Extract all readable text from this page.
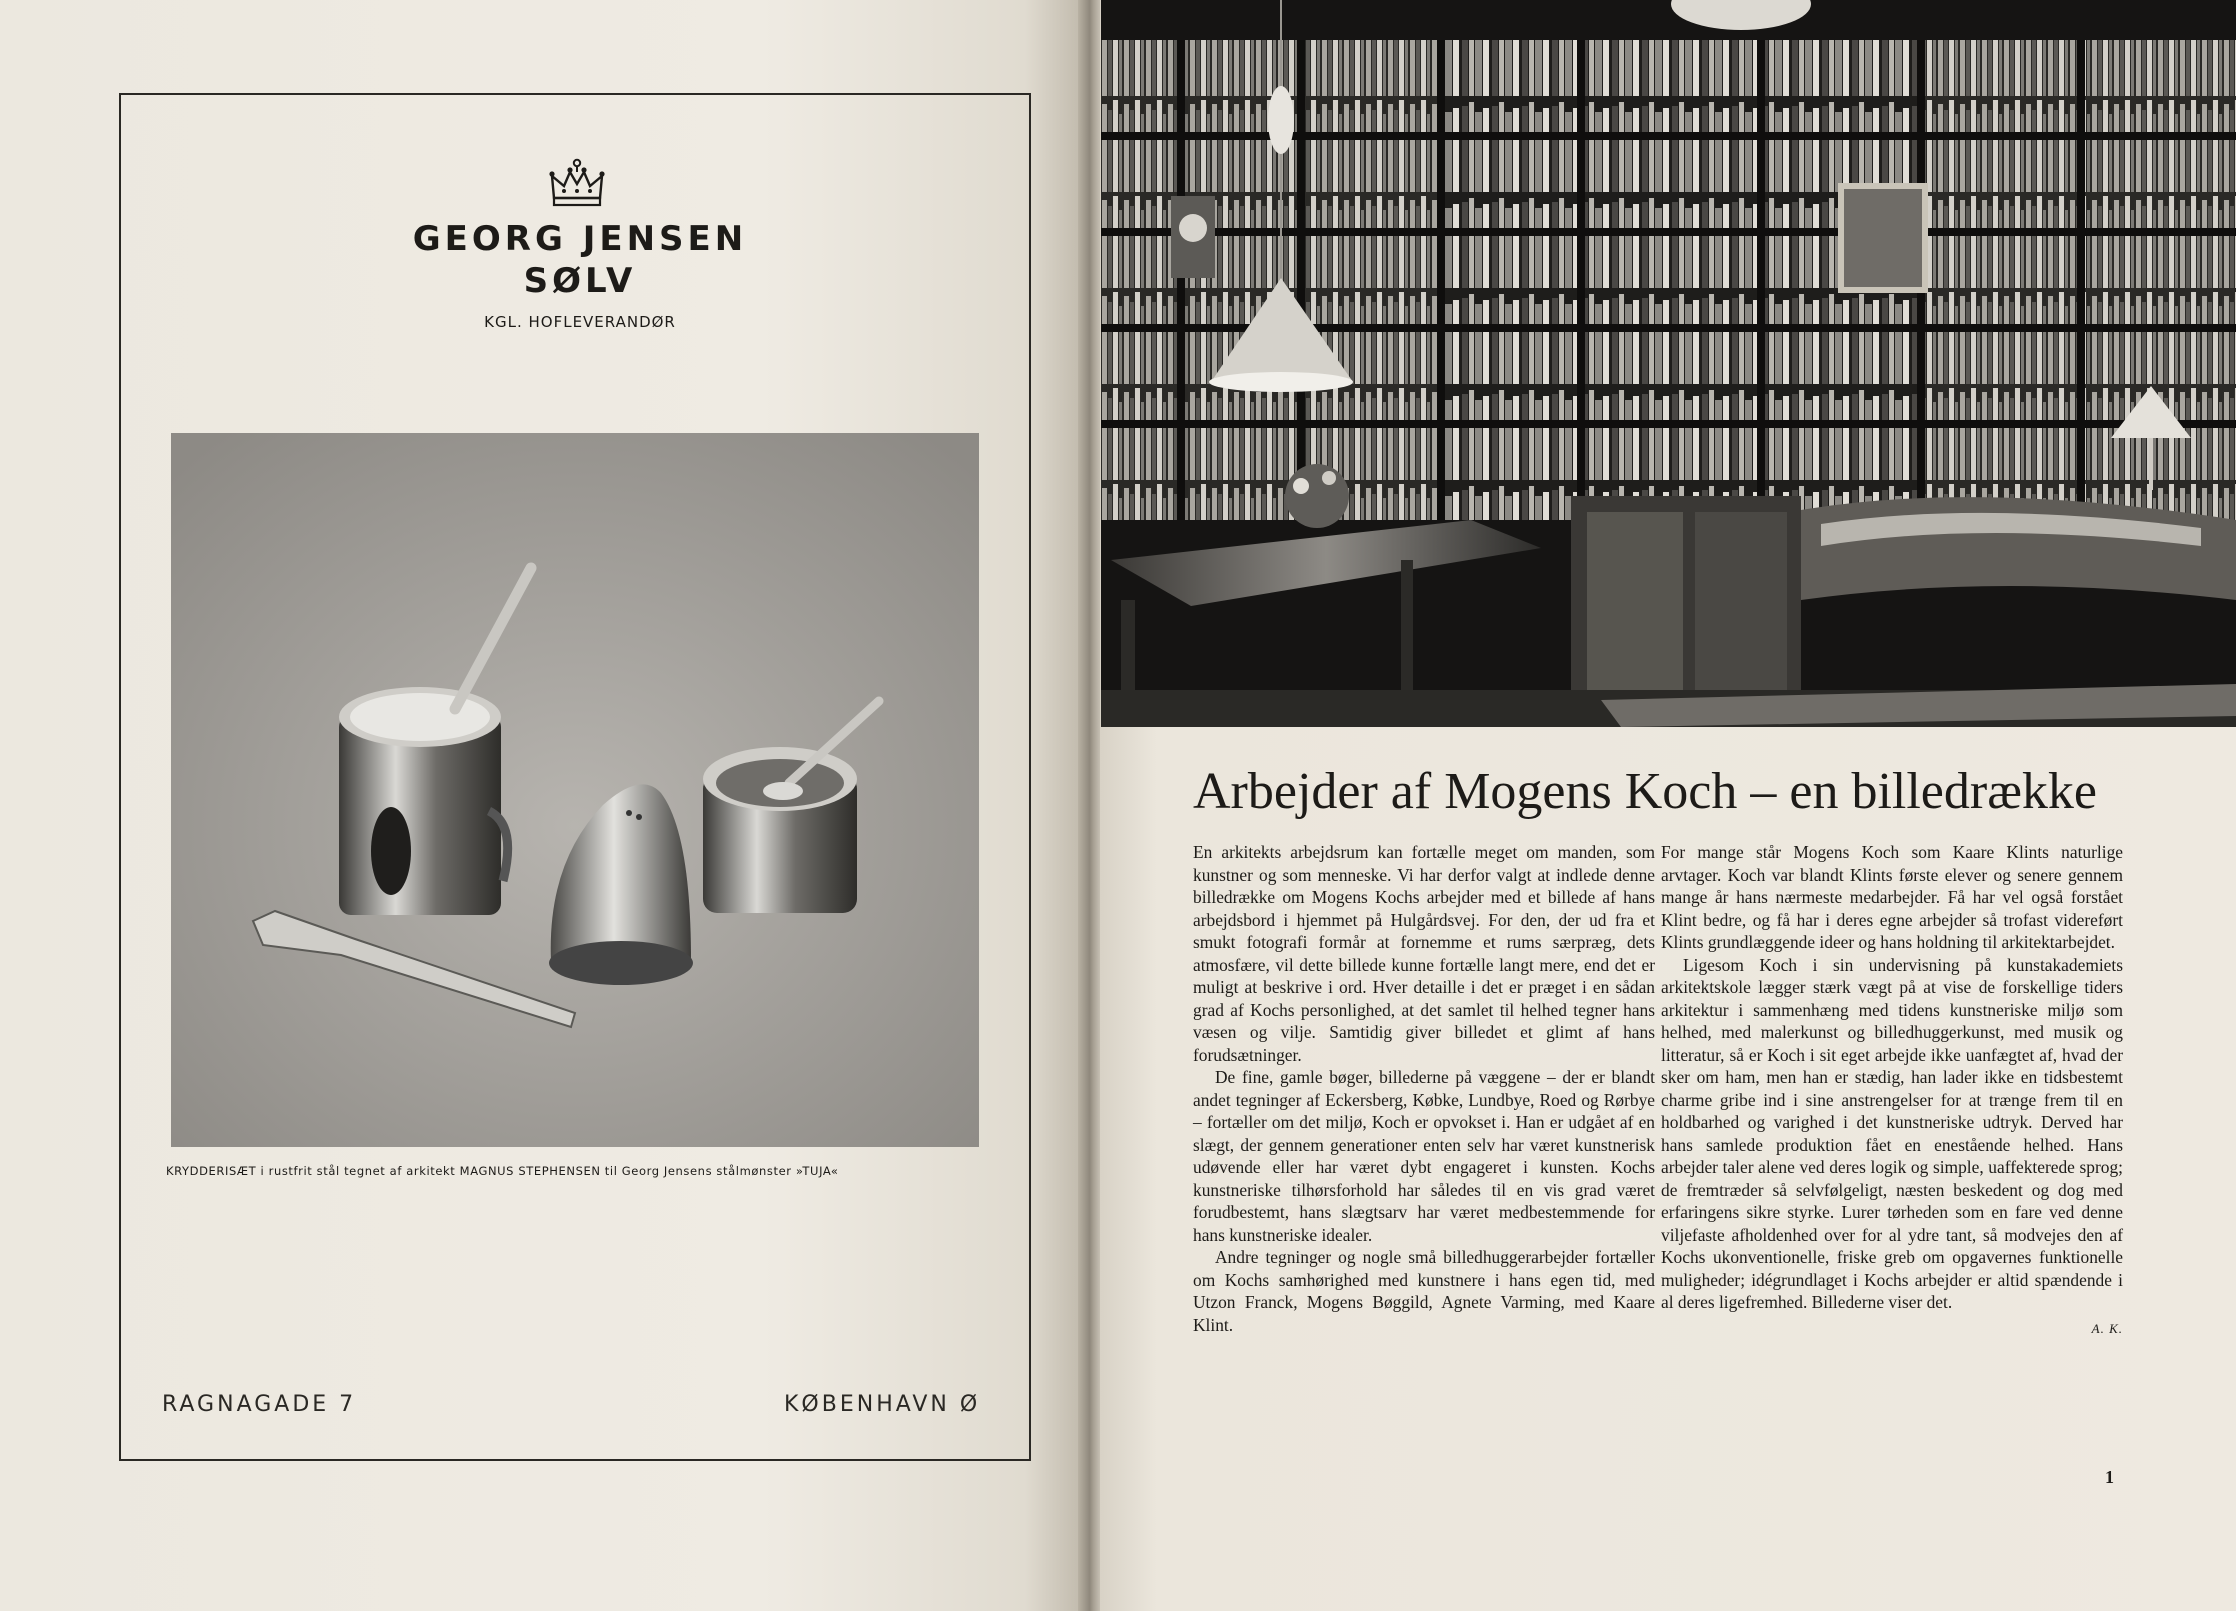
GEORG JENSEN
SØLV
KGL. HOFLEVERANDØR
KRYDDERISÆT i rustfrit stål tegnet af arkitekt MAGNUS STEPHENSEN til Georg Jensens stålmønster »TUJA«
RAGNAGADE 7	KØBENHAVN Ø
Arbejder af Mogens Koch – en billedrække

En arkitekts arbejdsrum kan fortælle meget om manden, som kunstner og som menneske. Vi har derfor valgt at indlede denne billedrække om Mogens Kochs arbejder med et billede af hans arbejdsbord i hjemmet på Hulgårdsvej. For den, der ud fra et smukt fotografi formår at fornemme et rums særpræg, dets atmosfære, vil dette billede kunne fortælle langt mere, end det er muligt at beskrive i ord. Hver detaille i det er præget i en sådan grad af Kochs personlighed, at det samlet til helhed tegner hans væsen og vilje. Samtidig giver billedet et glimt af hans forudsætninger.

De fine, gamle bøger, billederne på væggene – der er blandt andet tegninger af Eckersberg, Købke, Lundbye, Roed og Rørbye – fortæller om det miljø, Koch er opvokset i. Han er udgået af en slægt, der gennem generationer enten selv har været kunstnerisk udøvende eller har været dybt engageret i kunsten. Kochs kunstneriske tilhørsforhold har således til en vis grad været forudbestemt, hans slægtsarv har været medbestemmende for hans kunstneriske idealer.

Andre tegninger og nogle små billedhuggerarbejder fortæller om Kochs samhørighed med kunstnere i hans egen tid, med Utzon Franck, Mogens Bøggild, Agnete Varming, med Kaare Klint.

For mange står Mogens Koch som Kaare Klints naturlige arvtager. Koch var blandt Klints første elever og senere gennem mange år hans nærmeste medarbejder. Få har vel også forstået Klint bedre, og få har i deres egne arbejder så trofast videreført Klints grundlæggende ideer og hans holdning til arkitektarbejdet.

Ligesom Koch i sin undervisning på kunstakademiets arkitektskole lægger stærk vægt på at vise de forskellige tiders arkitektur i sammenhæng med tidens kunstneriske miljø som helhed, med malerkunst og billedhuggerkunst, med musik og litteratur, så er Koch i sit eget arbejde ikke uanfægtet af, hvad der sker om ham, men han er stædig, han lader ikke en tidsbestemt charme gribe ind i sine anstrengelser for at trænge frem til en holdbarhed og varighed i det kunstneriske udtryk. Derved har hans samlede produktion fået en enestående helhed. Hans arbejder taler alene ved deres logik og simple, uaffekterede sprog; de fremtræder så selvfølgeligt, næsten beskedent og dog med erfaringens sikre styrke. Lurer tørheden som en fare ved denne viljefaste afholdenhed over for al ydre tant, så modvejes den af Kochs ukonventionelle, friske greb om opgavernes funktionelle muligheder; idégrundlaget i Kochs arbejder er altid spændende i al deres ligefremhed. Billederne viser det.

A. K.
1
